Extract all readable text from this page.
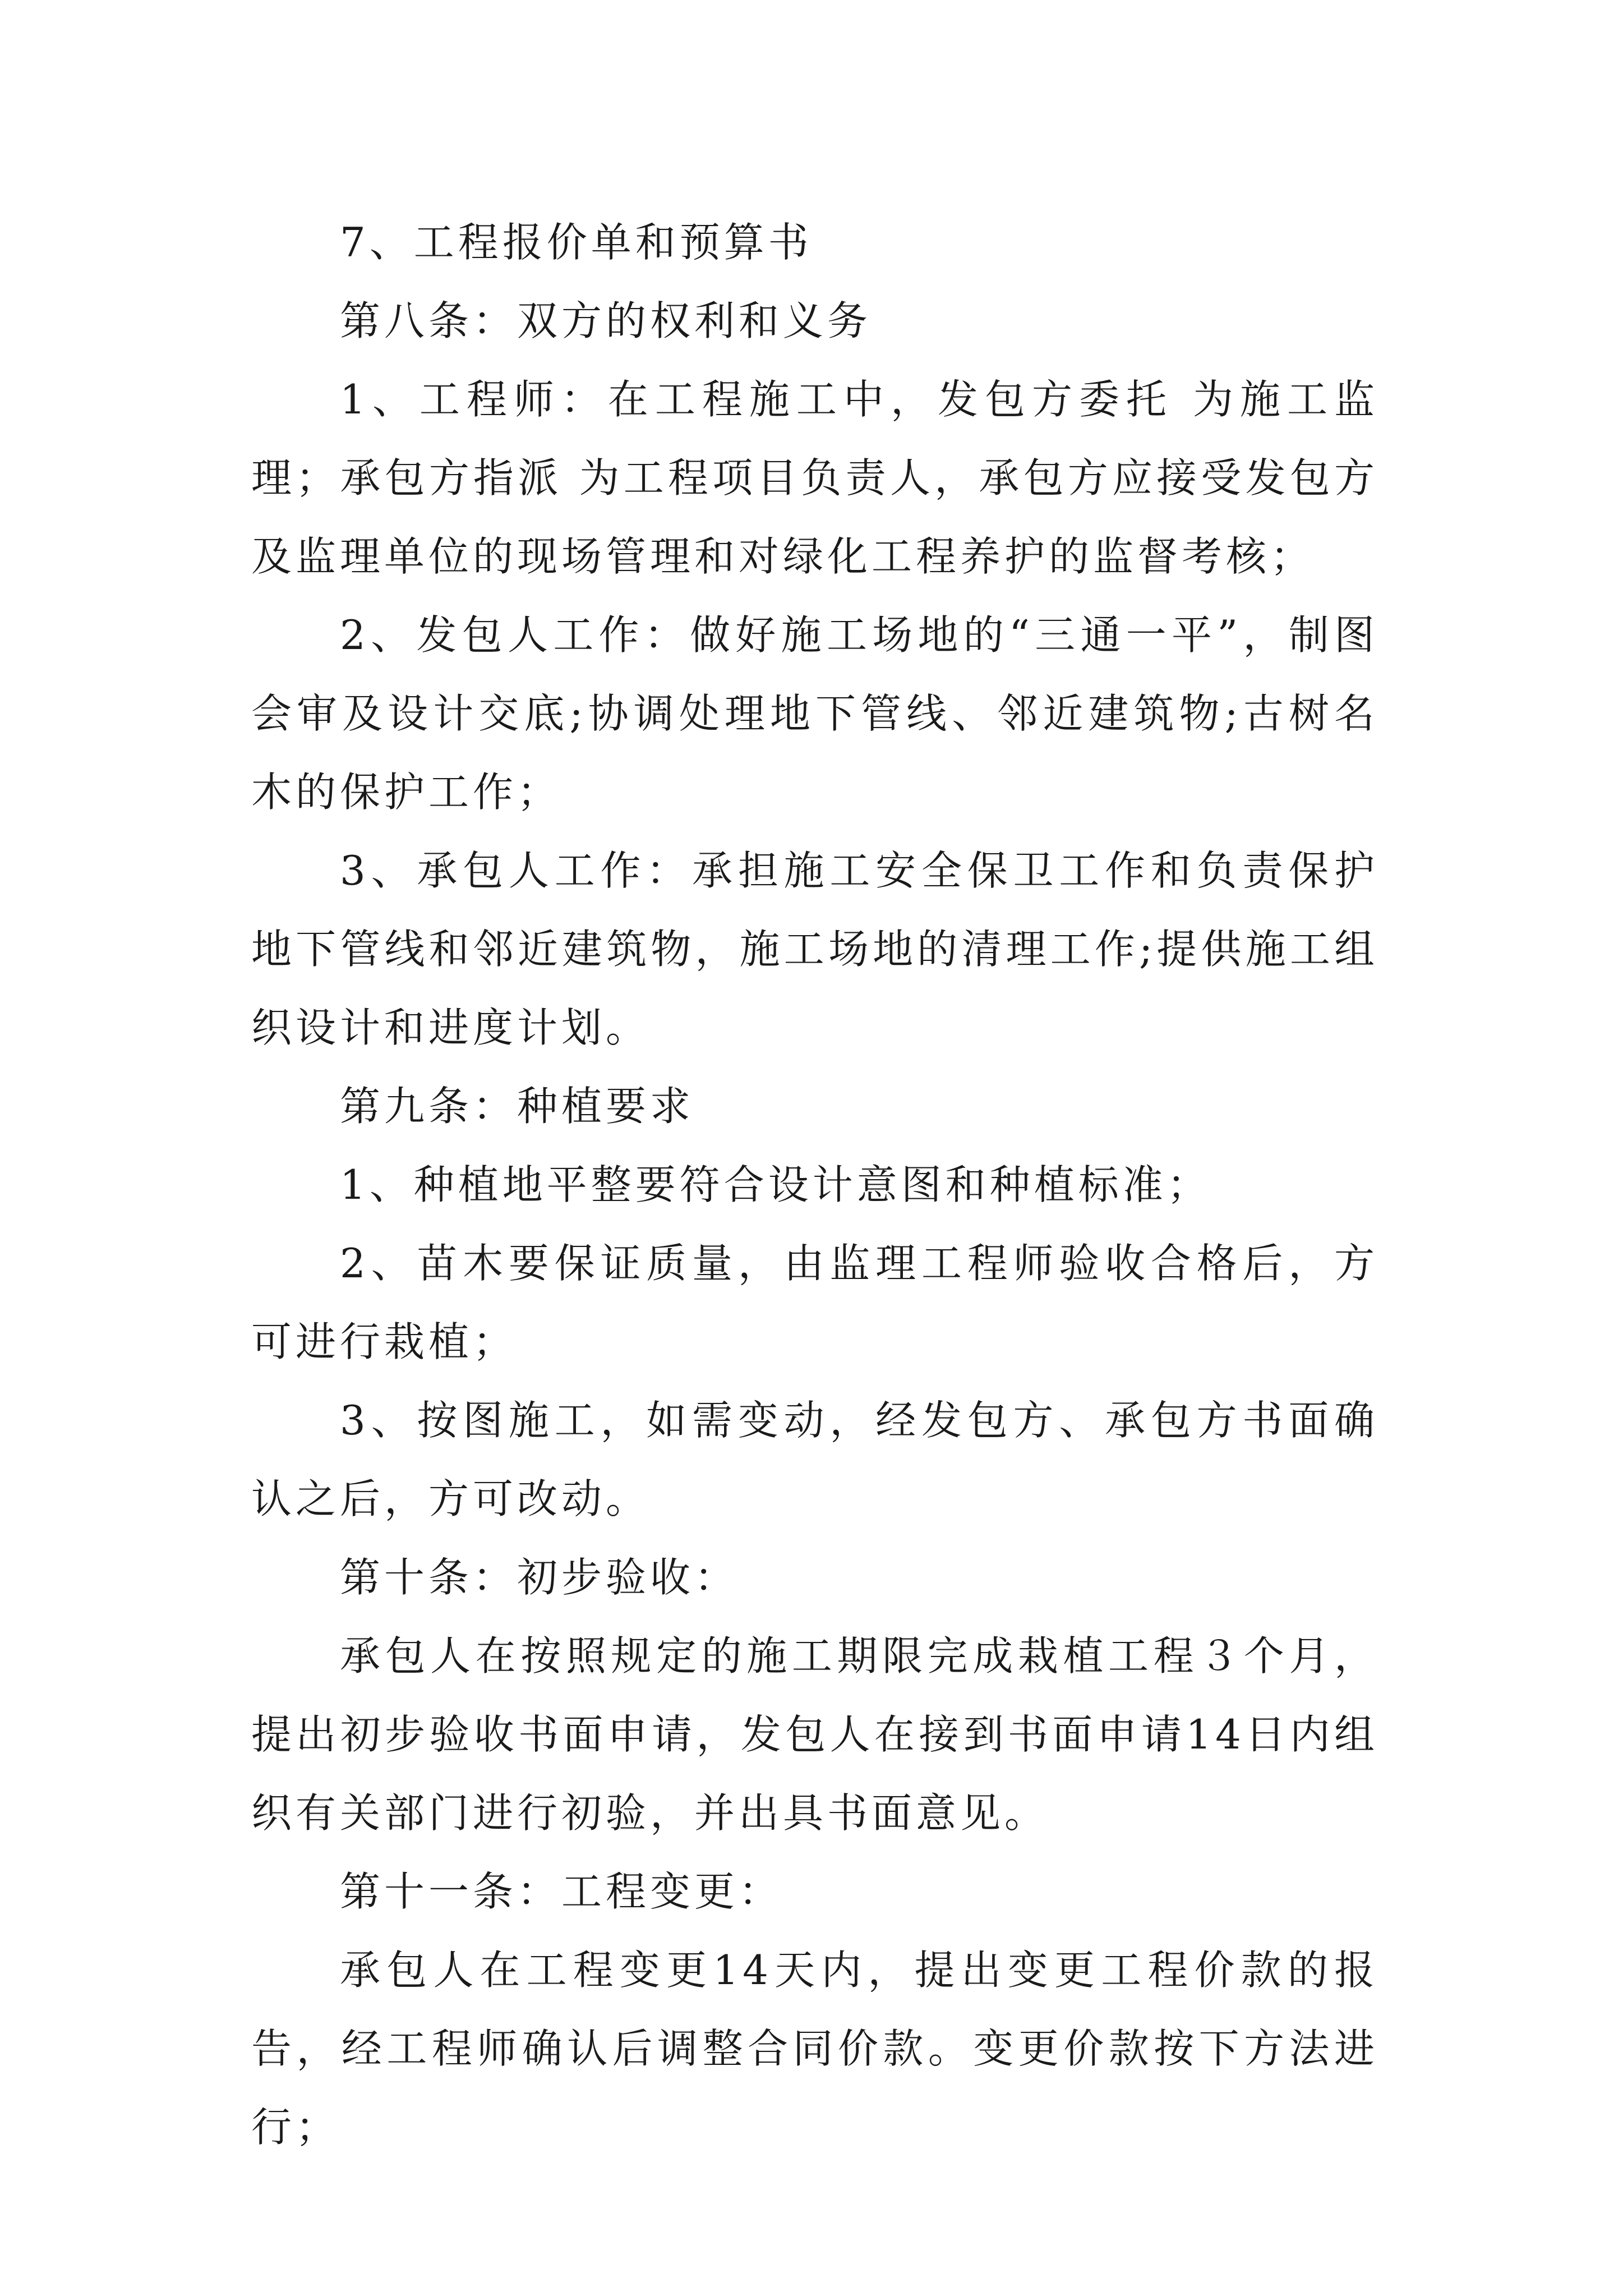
7、工程报价单和预算书

第八条：双方的权利和义务

1、工程师：在工程施工中，发包方委托 为施工监理；承包方指派 为工程项目负责人，承包方应接受发包方及监理单位的现场管理和对绿化工程养护的监督考核；

2、发包人工作：做好施工场地的“三通一平”，制图会审及设计交底;协调处理地下管线、邻近建筑物;古树名木的保护工作；

3、承包人工作：承担施工安全保卫工作和负责保护地下管线和邻近建筑物，施工场地的清理工作;提供施工组织设计和进度计划。

第九条：种植要求

1、种植地平整要符合设计意图和种植标准；

2、苗木要保证质量，由监理工程师验收合格后，方可进行栽植；

3、按图施工，如需变动，经发包方、承包方书面确认之后，方可改动。

第十条：初步验收：

承包人在按照规定的施工期限完成栽植工程３个月，提出初步验收书面申请，发包人在接到书面申请14日内组织有关部门进行初验，并出具书面意见。

第十一条：工程变更：

承包人在工程变更14天内，提出变更工程价款的报告，经工程师确认后调整合同价款。变更价款按下方法进行；
